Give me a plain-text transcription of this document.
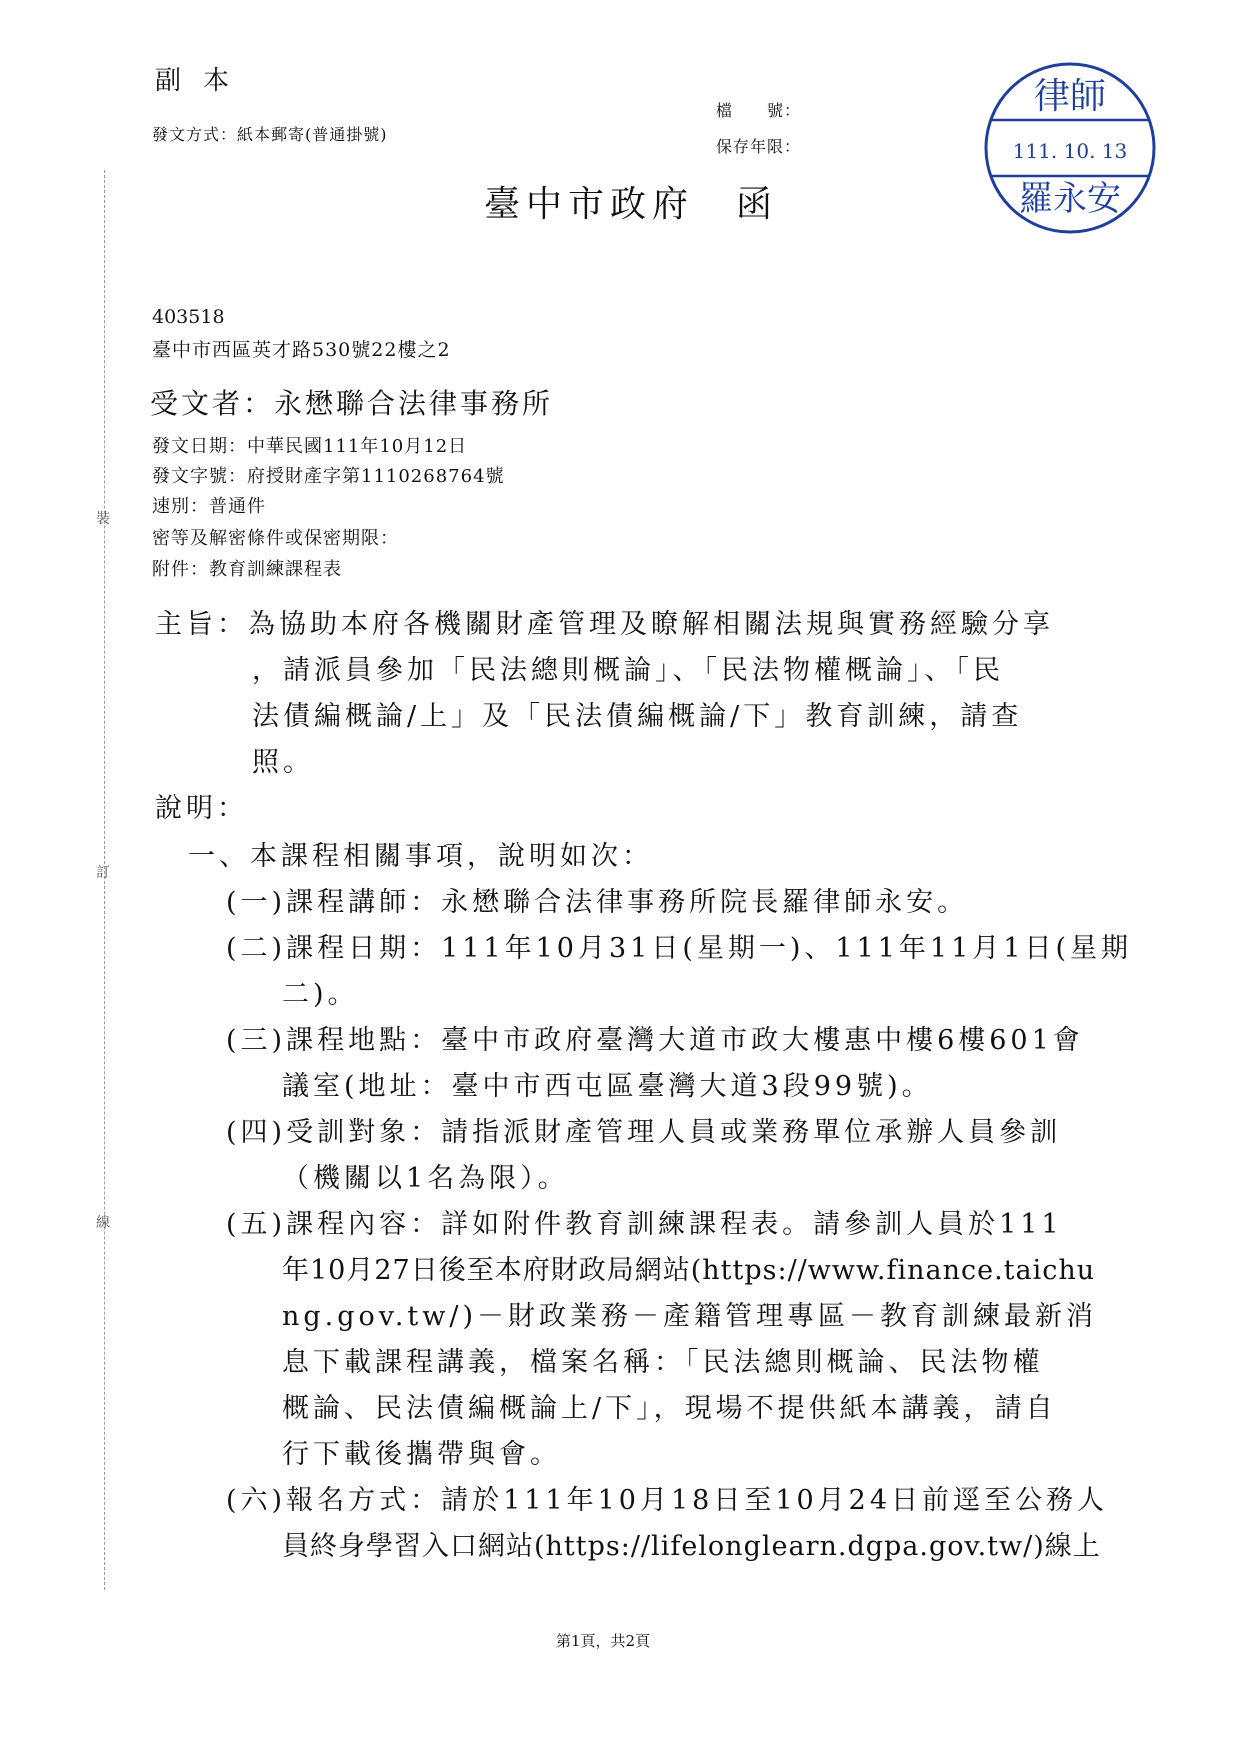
裝
訂
線
副本
發文方式：紙本郵寄(普通掛號)
檔　　號：
保存年限：
臺中市政府　函
律師
111. 10. 13
羅永安
403518
臺中市西區英才路530號22樓之2
受文者：永懋聯合法律事務所
發文日期：中華民國111年10月12日
發文字號：府授財產字第1110268764號
速別：普通件
密等及解密條件或保密期限：
附件：教育訓練課程表
主旨：為協助本府各機關財產管理及瞭解相關法規與實務經驗分享
，請派員參加「民法總則概論」、「民法物權概論」、「民
法債編概論/上」及「民法債編概論/下」教育訓練，請查
照。
說明：
一、本課程相關事項，說明如次：
(一)課程講師：永懋聯合法律事務所院長羅律師永安。
(二)課程日期：111年10月31日(星期一)、111年11月1日(星期
二)。
(三)課程地點：臺中市政府臺灣大道市政大樓惠中樓6樓601會
議室(地址：臺中市西屯區臺灣大道3段99號)。
(四)受訓對象：請指派財產管理人員或業務單位承辦人員參訓
（機關以1名為限）。
(五)課程內容：詳如附件教育訓練課程表。請參訓人員於111
年10月27日後至本府財政局網站(https://www.finance.taichu
ng.gov.tw/)－財政業務－產籍管理專區－教育訓練最新消
息下載課程講義，檔案名稱：「民法總則概論、民法物權
概論、民法債編概論上/下」，現場不提供紙本講義，請自
行下載後攜帶與會。
(六)報名方式：請於111年10月18日至10月24日前逕至公務人
員終身學習入口網站(https://lifelonglearn.dgpa.gov.tw/)線上
第1頁，共2頁
